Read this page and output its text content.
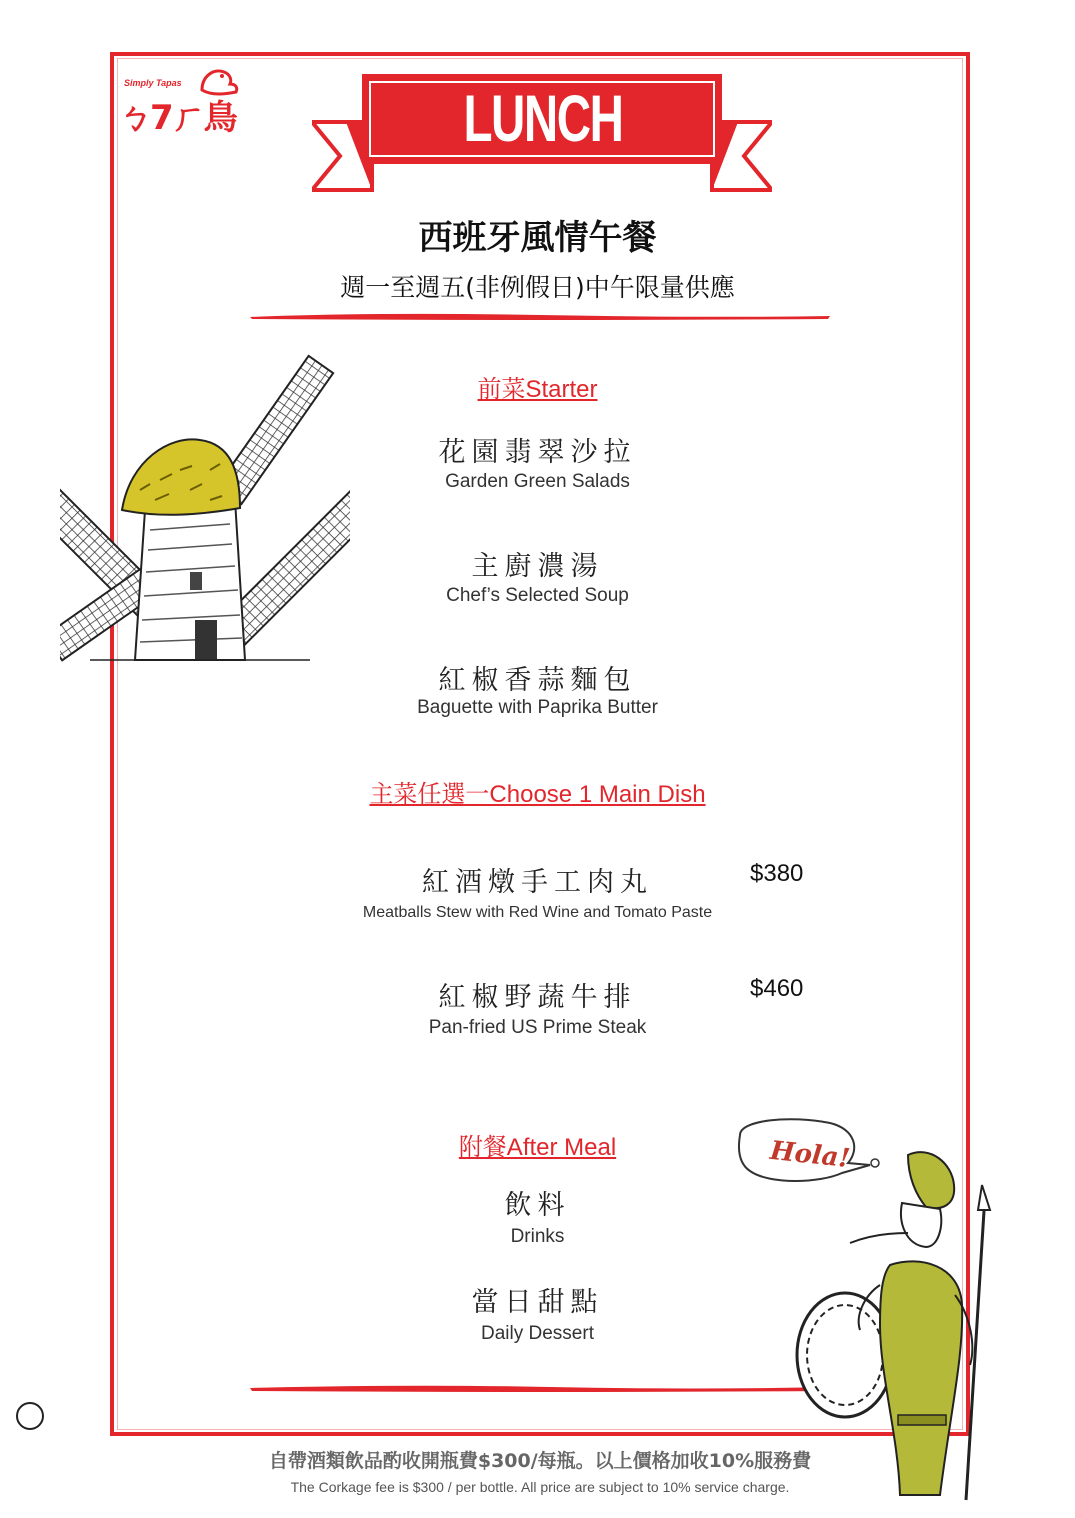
Simply Tapas
ㄅ7ㄏ鳥	LUNCH SET
西班牙風情午餐
週一至週五(非例假日)中午限量供應
前菜Starter
花園翡翠沙拉
Garden Green Salads
主廚濃湯
Chef’s Selected Soup
紅椒香蒜麵包
Baguette with Paprika Butter
主菜任選一Choose 1 Main Dish
紅酒燉手工肉丸	$380
Meatballs Stew with Red Wine and Tomato Paste
紅椒野蔬牛排	$460
Pan-fried US Prime Steak
附餐After Meal
飲料
Drinks
當日甜點
Daily Dessert
Hola!
自帶酒類飲品酌收開瓶費$300/每瓶。以上價格加收10%服務費
The Corkage fee is $300 / per bottle. All price are subject to 10% service charge.
